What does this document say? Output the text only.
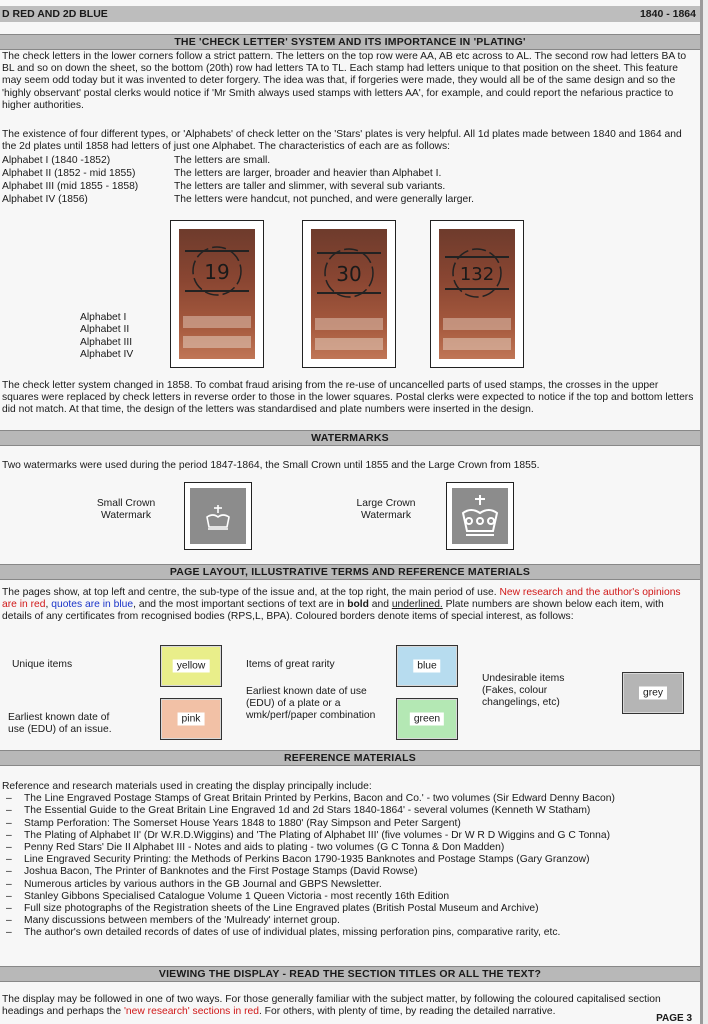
D RED AND 2D BLUE	1840 - 1864
THE 'CHECK LETTER' SYSTEM AND ITS IMPORTANCE IN 'PLATING'

The check letters in the lower corners follow a strict pattern. The letters on the top row were AA, AB etc across to AL. The second row had letters BA to BL and so on down the sheet, so the bottom (20th) row had letters TA to TL. Each stamp had letters unique to that position on the sheet. This feature may seem odd today but it was invented to deter forgery. The idea was that, if forgeries were made, they would all be of the same design and so the 'highly observant' postal clerks would notice if 'Mr Smith always used stamps with letters AA', for example, and could report the nefarious practice to higher authorities.

The existence of four different types, or 'Alphabets' of check letter on the 'Stars' plates is very helpful. All 1d plates made between 1840 and 1864 and the 2d plates until 1858 had letters of just one Alphabet. The characteristics of each are as follows:

Alphabet I (1840 -1852)	The letters are small.
Alphabet II (1852 - mid 1855)	The letters are larger, broader and heavier than Alphabet I.
Alphabet III (mid 1855 - 1858)	The letters are taller and slimmer, with several sub variants.
Alphabet IV (1856)	The letters were handcut, not punched, and were generally larger.
19	30	132
Alphabet I
Alphabet II
Alphabet III
Alphabet IV

The check letter system changed in 1858. To combat fraud arising from the re-use of uncancelled parts of used stamps, the crosses in the upper squares were replaced by check letters in reverse order to those in the lower squares. Postal clerks were expected to notice if the top and bottom letters did not match. At that time, the design of the letters was standardised and plate numbers were inserted in the design.

WATERMARKS

Two watermarks were used during the period 1847-1864, the Small Crown until 1855 and the Large Crown from 1855.

Small Crown Watermark
Large Crown Watermark
PAGE LAYOUT, ILLUSTRATIVE TERMS AND REFERENCE MATERIALS

The pages show, at top left and centre, the sub-type of the issue and, at the top right, the main period of use. New research and the author's opinions are in red, quotes are in blue, and the most important sections of text are in bold and underlined. Plate numbers are shown below each item, with details of any certificates from recognised bodies (RPS,L, BPA). Coloured borders denote items of special interest, as follows:

Unique items	yellow
Earliest known date of use (EDU) of an issue.
pink
Items of great rarity	blue
Earliest known date of use (EDU) of a plate or a wmk/perf/paper combination	green
Undesirable items (Fakes, colour changelings, etc)
grey
REFERENCE MATERIALS
Reference and research materials used in creating the display principally include:
– The Line Engraved Postage Stamps of Great Britain Printed by Perkins, Bacon and Co.' - two volumes (Sir Edward Denny Bacon)
– The Essential Guide to the Great Britain Line Engraved 1d and 2d Stars 1840-1864' - several volumes (Kenneth W Statham)
– Stamp Perforation: The Somerset House Years 1848 to 1880' (Ray Simpson and Peter Sargent)
– The Plating of Alphabet II' (Dr W.R.D.Wiggins) and 'The Plating of Alphabet III' (five volumes - Dr W R D Wiggins and G C Tonna)
– Penny Red Stars' Die II Alphabet III - Notes and aids to plating - two volumes (G C Tonna & Don Madden)
– Line Engraved Security Printing: the Methods of Perkins Bacon 1790-1935 Banknotes and Postage Stamps (Gary Granzow)
– Joshua Bacon, The Printer of Banknotes and the First Postage Stamps (David Rowse)
– Numerous articles by various authors in the GB Journal and GBPS Newsletter.
– Stanley Gibbons Specialised Catalogue Volume 1 Queen Victoria - most recently 16th Edition
– Full size photographs of the Registration sheets of the Line Engraved plates (British Postal Museum and Archive)
– Many discussions between members of the 'Mulready' internet group.
– The author's own detailed records of dates of use of individual plates, missing perforation pins, comparative rarity, etc.
VIEWING THE DISPLAY - READ THE SECTION TITLES OR ALL THE TEXT?

The display may be followed in one of two ways. For those generally familiar with the subject matter, by following the coloured capitalised section headings and perhaps the 'new research' sections in red. For others, with plenty of time, by reading the detailed narrative.

PAGE 3
